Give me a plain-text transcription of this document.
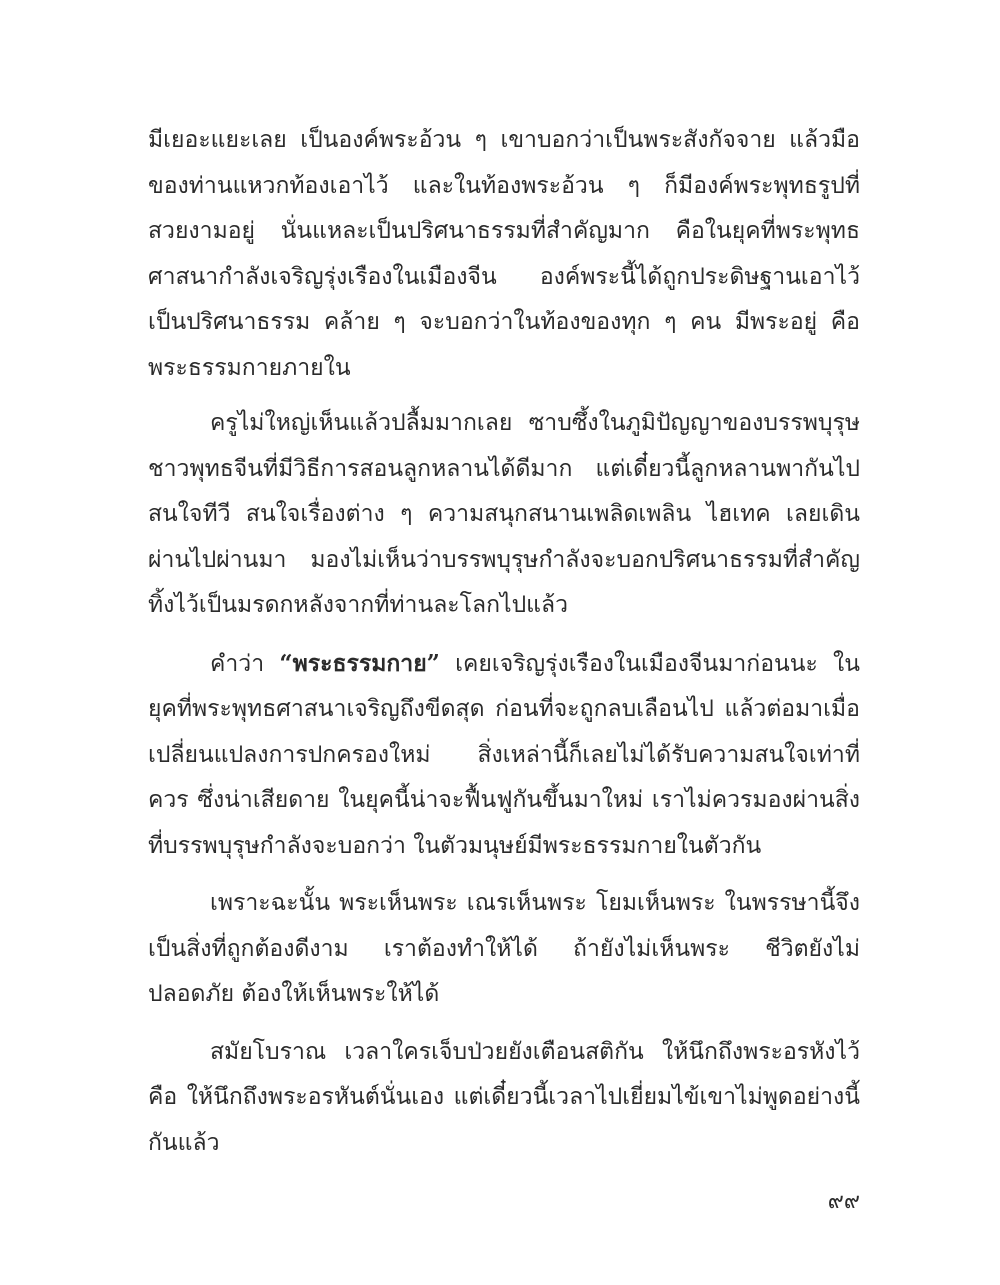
มีเยอะแยะเลย เป็นองค์พระอ้วน ๆ เขาบอกว่าเป็นพระสังกัจจาย แล้วมือของท่านแหวกท้องเอาไว้ และในท้องพระอ้วน ๆ ก็มีองค์พระพุทธรูปที่สวยงามอยู่ นั่นแหละเป็นปริศนาธรรมที่สำคัญมาก คือในยุคที่พระพุทธศาสนากำลังเจริญรุ่งเรืองในเมืองจีน องค์พระนี้ได้ถูกประดิษฐานเอาไว้เป็นปริศนาธรรม คล้าย ๆ จะบอกว่าในท้องของทุก ๆ คน มีพระอยู่ คือ พระธรรมกายภายใน

ครูไม่ใหญ่เห็นแล้วปลื้มมากเลย ซาบซึ้งในภูมิปัญญาของบรรพบุรุษชาวพุทธจีนที่มีวิธีการสอนลูกหลานได้ดีมาก แต่เดี๋ยวนี้ลูกหลานพากันไปสนใจทีวี สนใจเรื่องต่าง ๆ ความสนุกสนานเพลิดเพลิน ไฮเทค เลยเดินผ่านไปผ่านมา มองไม่เห็นว่าบรรพบุรุษกำลังจะบอกปริศนาธรรมที่สำคัญทิ้งไว้เป็นมรดกหลังจากที่ท่านละโลกไปแล้ว

คำว่า “พระธรรมกาย” เคยเจริญรุ่งเรืองในเมืองจีนมาก่อนนะ ในยุคที่พระพุทธศาสนาเจริญถึงขีดสุด ก่อนที่จะถูกลบเลือนไป แล้วต่อมาเมื่อเปลี่ยนแปลงการปกครองใหม่ สิ่งเหล่านี้ก็เลยไม่ได้รับความสนใจเท่าที่ควร ซึ่งน่าเสียดาย ในยุคนี้น่าจะฟื้นฟูกันขึ้นมาใหม่ เราไม่ควรมองผ่านสิ่งที่บรรพบุรุษกำลังจะบอกว่า ในตัวมนุษย์มีพระธรรมกายในตัวกัน

เพราะฉะนั้น พระเห็นพระ เณรเห็นพระ โยมเห็นพระ ในพรรษานี้จึงเป็นสิ่งที่ถูกต้องดีงาม เราต้องทำให้ได้ ถ้ายังไม่เห็นพระ ชีวิตยังไม่ปลอดภัย ต้องให้เห็นพระให้ได้

สมัยโบราณ เวลาใครเจ็บป่วยยังเตือนสติกัน ให้นึกถึงพระอรหังไว้ คือ ให้นึกถึงพระอรหันต์นั่นเอง แต่เดี๋ยวนี้เวลาไปเยี่ยมไข้เขาไม่พูดอย่างนี้กันแล้ว

๙๙
